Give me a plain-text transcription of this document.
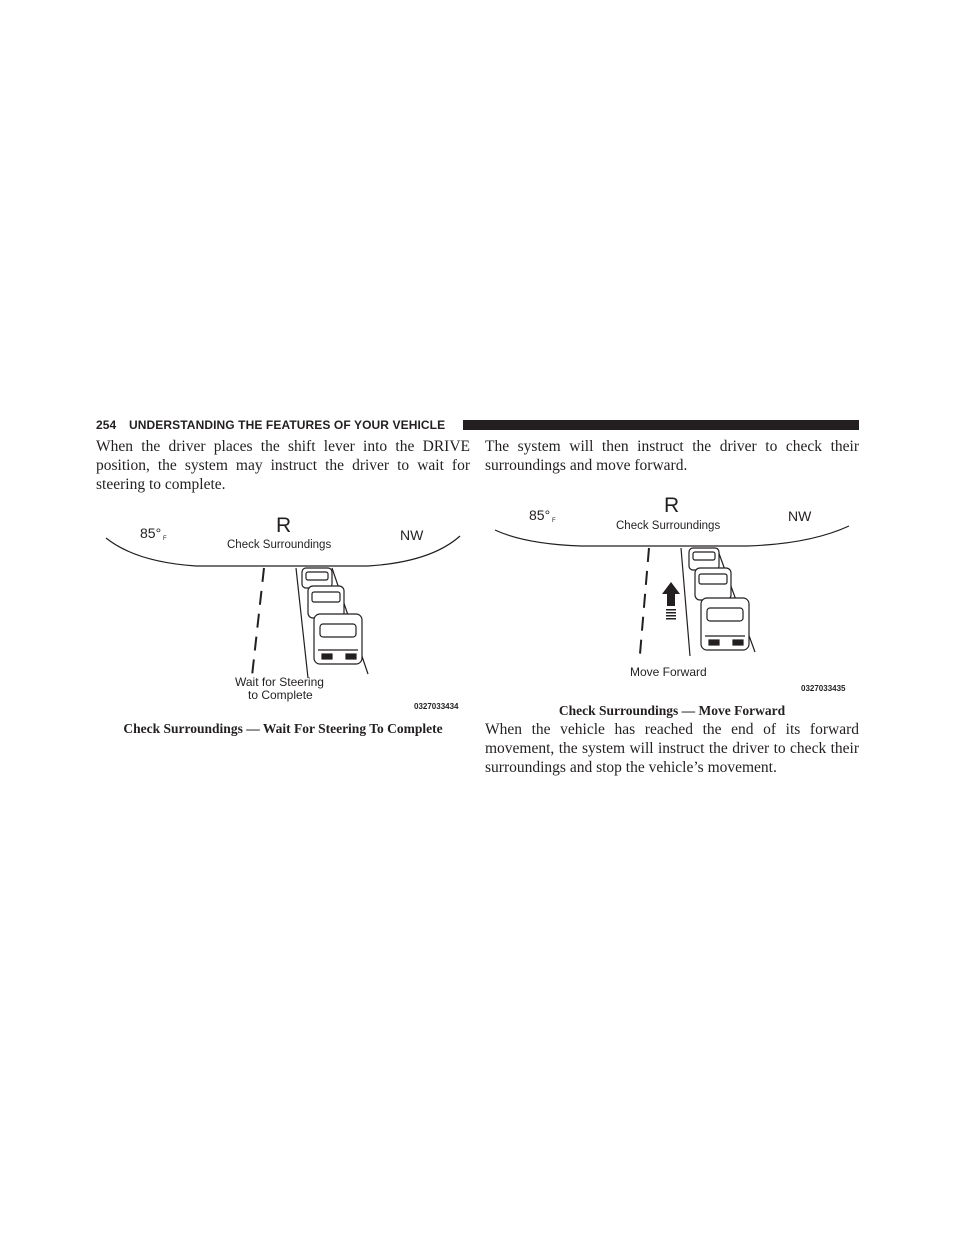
254 UNDERSTANDING THE FEATURES OF YOUR VEHICLE

When the driver places the shift lever into the DRIVE position, the system may instruct the driver to wait for steering to complete.

85° F
R
Check Surroundings
NW
Wait for Steering
to Complete
0327033434

Check Surroundings — Wait For Steering To Complete

The system will then instruct the driver to check their surroundings and move forward.

85° F
R
Check Surroundings
NW
Move Forward
0327033435

Check Surroundings — Move Forward

When the vehicle has reached the end of its forward movement, the system will instruct the driver to check their surroundings and stop the vehicle’s movement.
